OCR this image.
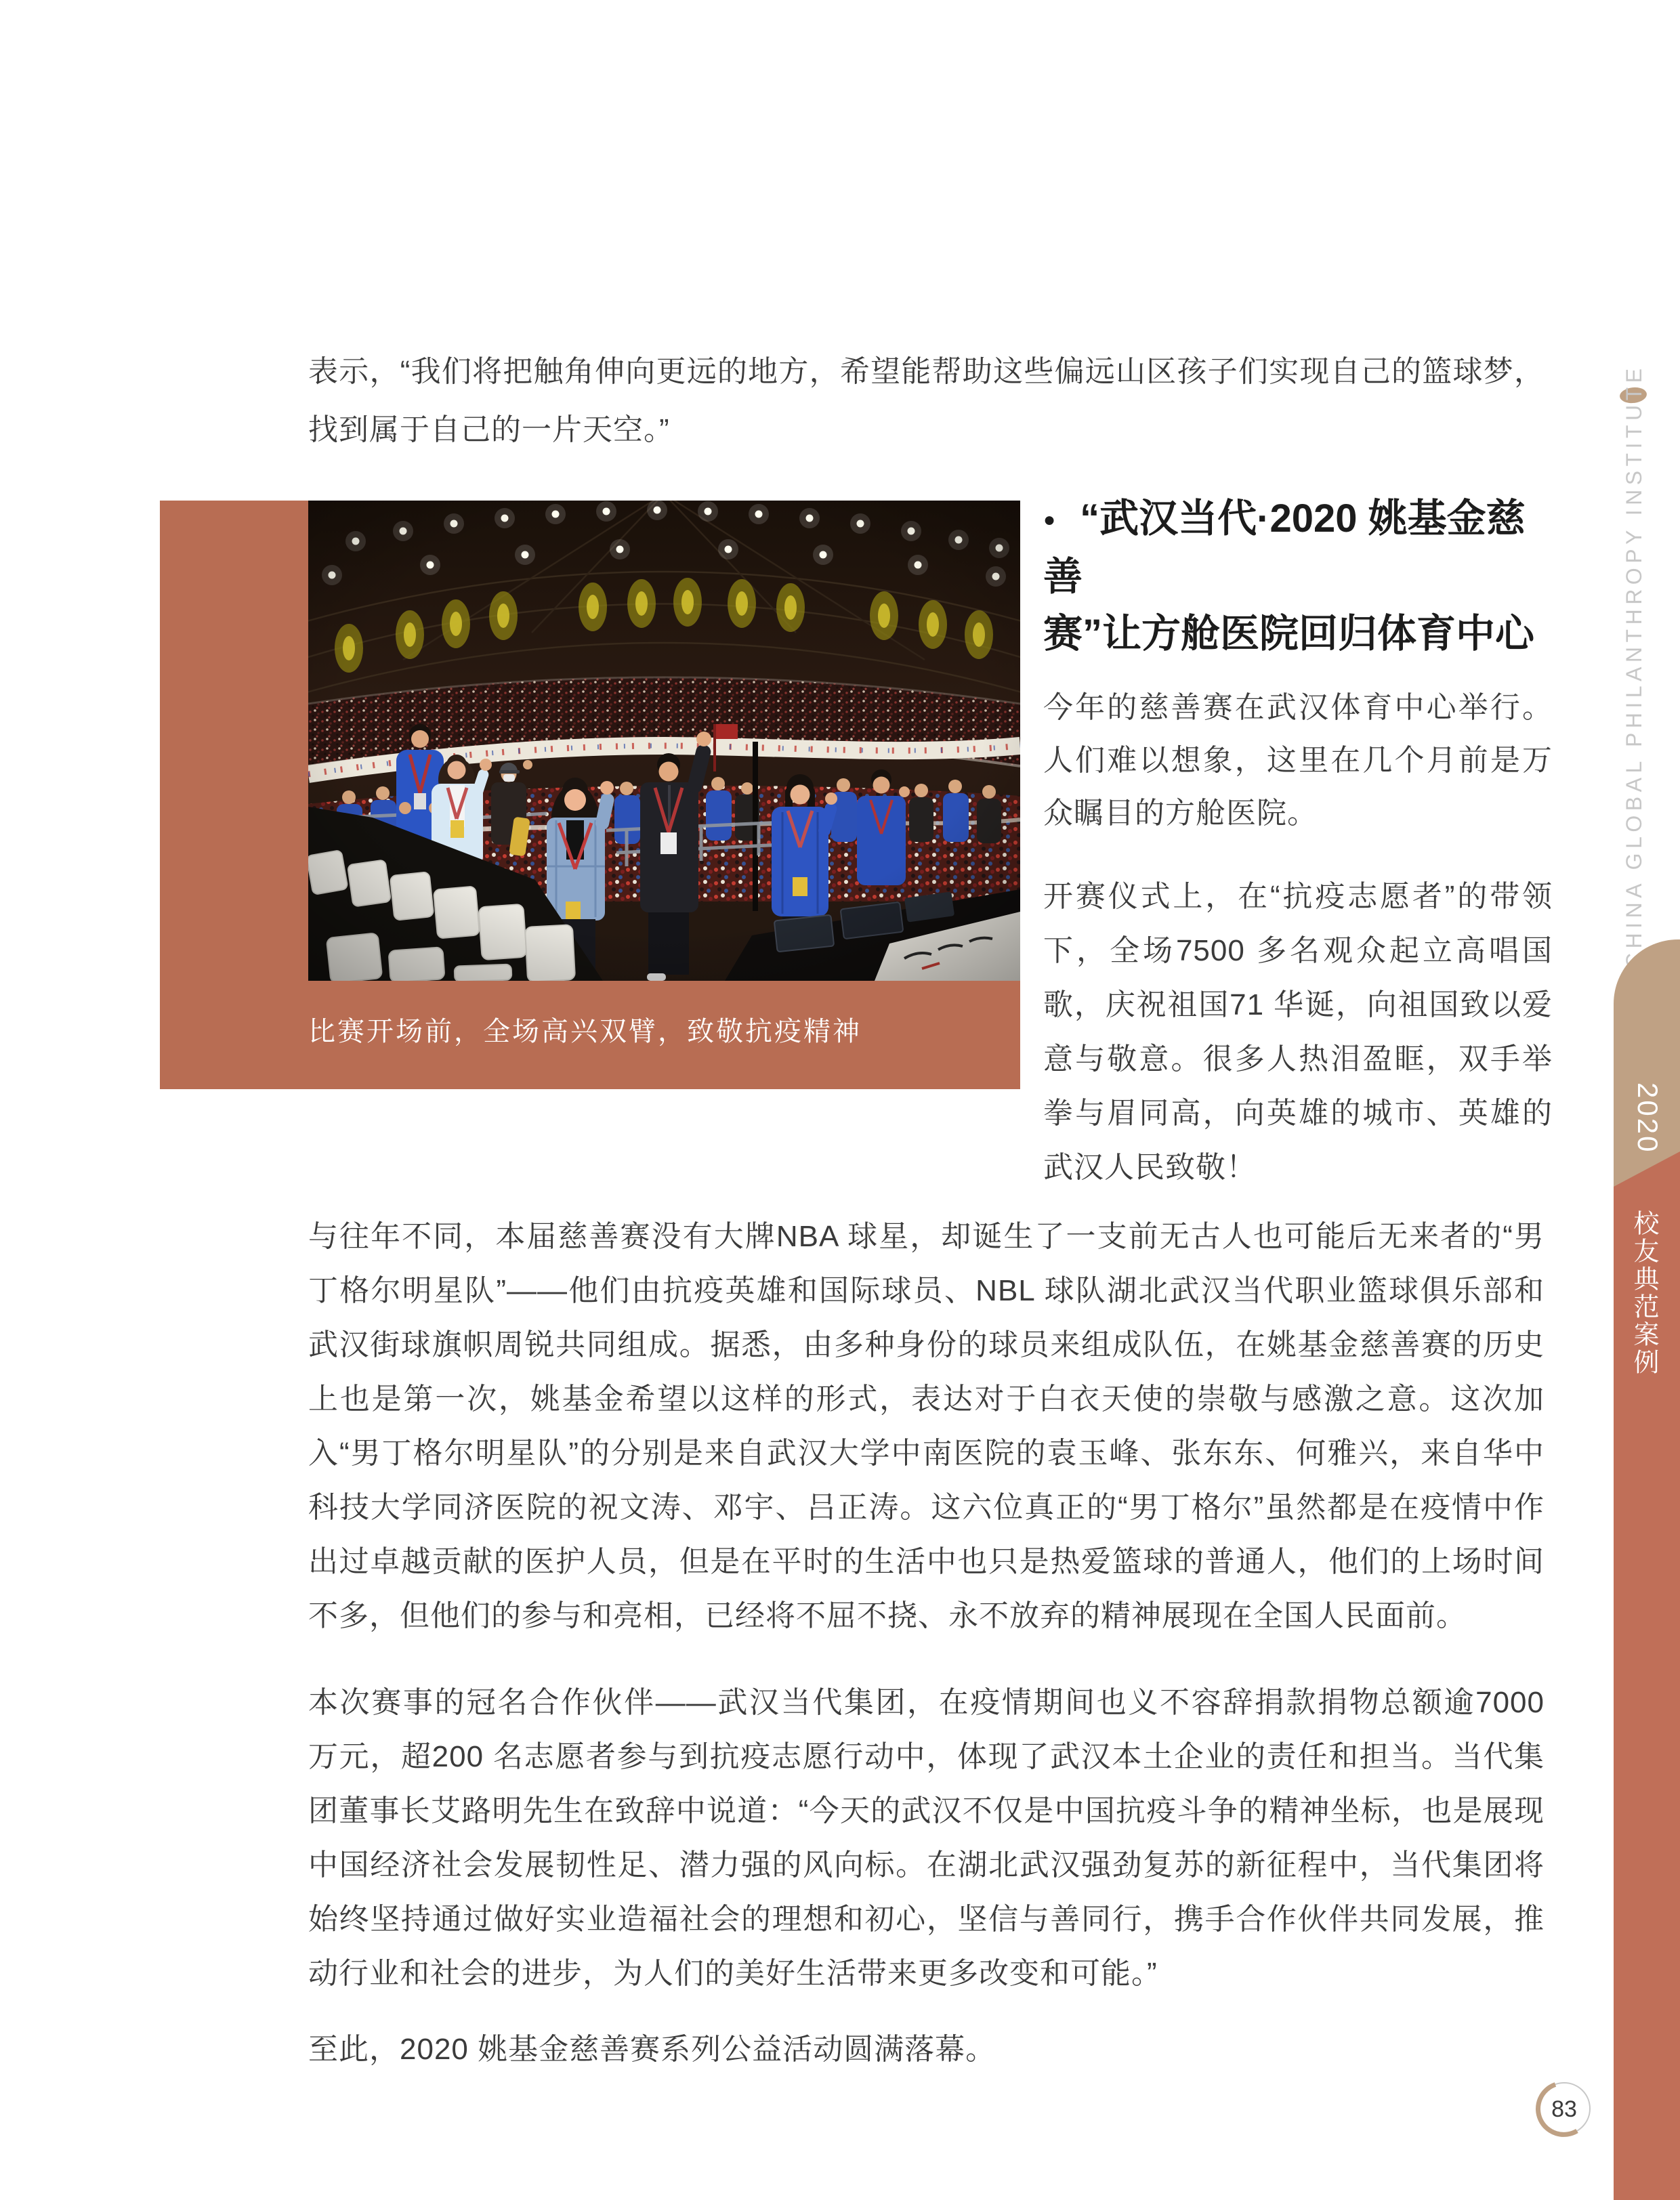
表示，“我们将把触角伸向更远的地方，希望能帮助这些偏远山区孩子们实现自己的篮球梦，找到属于自己的一片天空。”

比赛开场前，全场高兴双臂，致敬抗疫精神
● “武汉当代·2020 姚基金慈善
赛”让方舱医院回归体育中心

今年的慈善赛在武汉体育中心举行。人们难以想象，这里在几个月前是万众瞩目的方舱医院。

开赛仪式上，在“抗疫志愿者”的带领下，全场7500 多名观众起立高唱国歌，庆祝祖国71 华诞，向祖国致以爱意与敬意。很多人热泪盈眶，双手举拳与眉同高，向英雄的城市、英雄的武汉人民致敬！

与往年不同，本届慈善赛没有大牌NBA 球星，却诞生了一支前无古人也可能后无来者的“男丁格尔明星队”——他们由抗疫英雄和国际球员、NBL 球队湖北武汉当代职业篮球俱乐部和武汉街球旗帜周锐共同组成。据悉，由多种身份的球员来组成队伍，在姚基金慈善赛的历史上也是第一次，姚基金希望以这样的形式，表达对于白衣天使的崇敬与感激之意。这次加入“男丁格尔明星队”的分别是来自武汉大学中南医院的袁玉峰、张东东、何雅兴，来自华中科技大学同济医院的祝文涛、邓宇、吕正涛。这六位真正的“男丁格尔”虽然都是在疫情中作出过卓越贡献的医护人员，但是在平时的生活中也只是热爱篮球的普通人，他们的上场时间不多，但他们的参与和亮相，已经将不屈不挠、永不放弃的精神展现在全国人民面前。

本次赛事的冠名合作伙伴——武汉当代集团，在疫情期间也义不容辞捐款捐物总额逾7000 万元，超200 名志愿者参与到抗疫志愿行动中，体现了武汉本土企业的责任和担当。当代集团董事长艾路明先生在致辞中说道：“今天的武汉不仅是中国抗疫斗争的精神坐标，也是展现中国经济社会发展韧性足、潜力强的风向标。在湖北武汉强劲复苏的新征程中，当代集团将始终坚持通过做好实业造福社会的理想和初心，坚信与善同行，携手合作伙伴共同发展，推动行业和社会的进步，为人们的美好生活带来更多改变和可能。”

至此，2020 姚基金慈善赛系列公益活动圆满落幕。

CHINA GLOBAL PHILANTHROPY INSTITUTE
2020
校友典范案例
83
